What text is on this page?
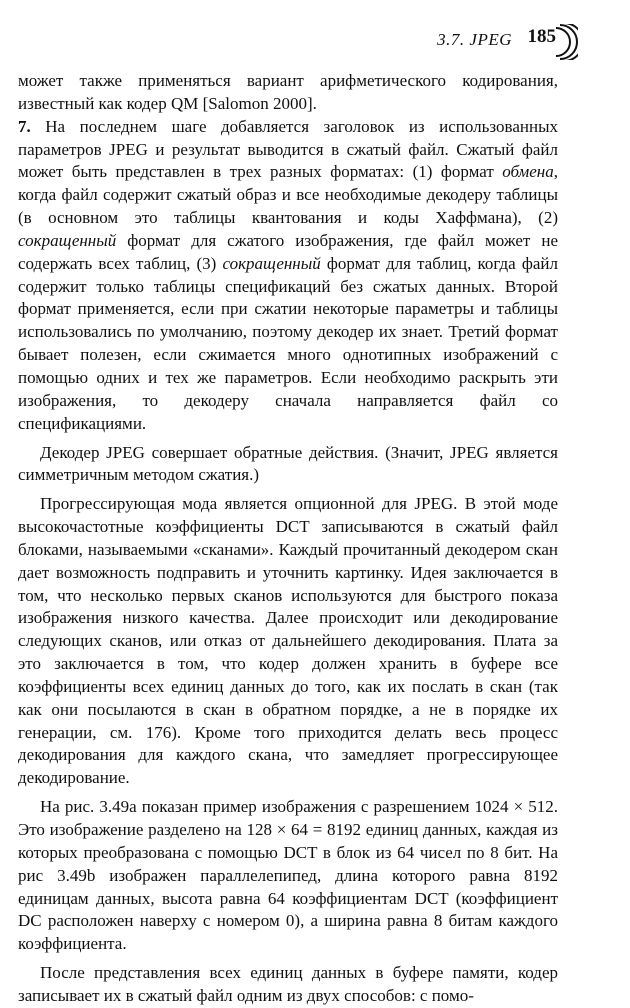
3.7. JPEG 185

может также применяться вариант арифметического кодирования, известный как кодер QM [Salomon 2000].

7. На последнем шаге добавляется заголовок из использованных параметров JPEG и результат выводится в сжатый файл. Сжатый файл может быть представлен в трех разных форматах: (1) формат обмена, когда файл содержит сжатый образ и все необходимые декодеру таблицы (в основном это таблицы квантования и коды Хаффмана), (2) сокращенный формат для сжатого изображения, где файл может не содержать всех таблиц, (3) сокращенный формат для таблиц, когда файл содержит только таблицы спецификаций без сжатых данных. Второй формат применяется, если при сжатии некоторые параметры и таблицы использовались по умолчанию, поэтому декодер их знает. Третий формат бывает полезен, если сжимается много однотипных изображений с помощью одних и тех же параметров. Если необходимо раскрыть эти изображения, то декодеру сначала направляется файл со спецификациями.

Декодер JPEG совершает обратные действия. (Значит, JPEG является симметричным методом сжатия.)

Прогрессирующая мода является опционной для JPEG. В этой моде высокочастотные коэффициенты DCT записываются в сжатый файл блоками, называемыми «сканами». Каждый прочитанный декодером скан дает возможность подправить и уточнить картинку. Идея заключается в том, что несколько первых сканов используются для быстрого показа изображения низкого качества. Далее происходит или декодирование следующих сканов, или отказ от дальнейшего декодирования. Плата за это заключается в том, что кодер должен хранить в буфере все коэффициенты всех единиц данных до того, как их послать в скан (так как они посылаются в скан в обратном порядке, а не в порядке их генерации, см. 176). Кроме того приходится делать весь процесс декодирования для каждого скана, что замедляет прогрессирующее декодирование.

На рис. 3.49a показан пример изображения с разрешением 1024 × 512. Это изображение разделено на 128 × 64 = 8192 единиц данных, каждая из которых преобразована с помощью DCT в блок из 64 чисел по 8 бит. На рис 3.49b изображен параллелепипед, длина которого равна 8192 единицам данных, высота равна 64 коэффициентам DCT (коэффициент DC расположен наверху с номером 0), а ширина равна 8 битам каждого коэффициента.

После представления всех единиц данных в буфере памяти, кодер записывает их в сжатый файл одним из двух способов: с помо-
